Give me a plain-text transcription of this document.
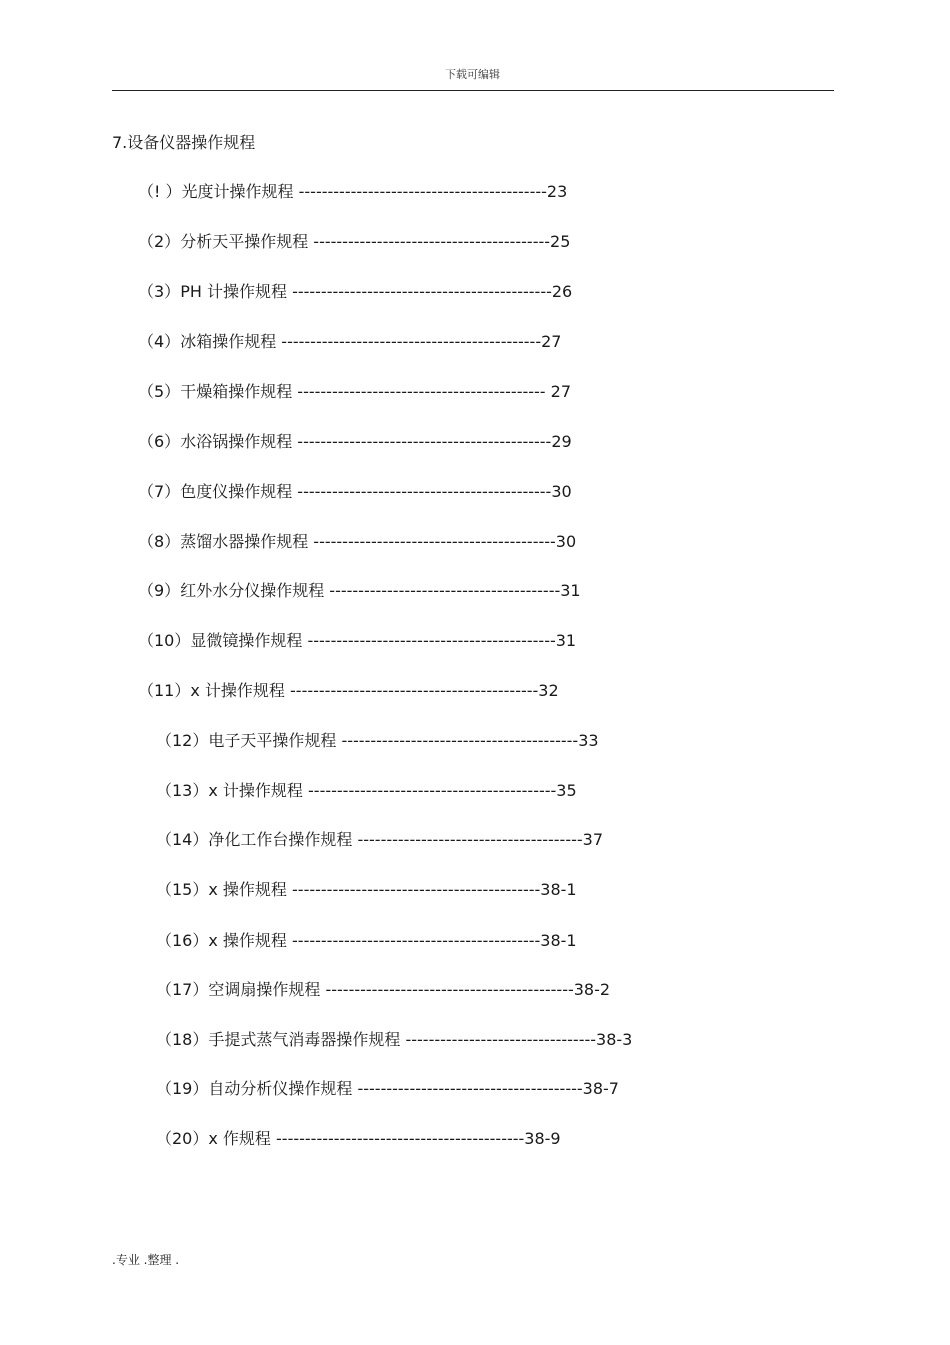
下载可编辑
7.设备仪器操作规程
（! ）光度计操作规程 -------------------------------------------23
（2）分析天平操作规程 -----------------------------------------25
（3）PH 计操作规程 ---------------------------------------------26
（4）冰箱操作规程 ---------------------------------------------27
（5）干燥箱操作规程 ------------------------------------------- 27
（6）水浴锅操作规程 --------------------------------------------29
（7）色度仪操作规程 --------------------------------------------30
（8）蒸馏水器操作规程 ------------------------------------------30
（9）红外水分仪操作规程 ----------------------------------------31
（10）显微镜操作规程 -------------------------------------------31
（11）x 计操作规程 -------------------------------------------32
（12）电子天平操作规程 -----------------------------------------33
（13）x 计操作规程 -------------------------------------------35
（14）净化工作台操作规程 ---------------------------------------37
（15）x 操作规程 -------------------------------------------38-1
（16）x 操作规程 -------------------------------------------38-1
（17）空调扇操作规程 -------------------------------------------38-2
（18）手提式蒸气消毒器操作规程 ---------------------------------38-3
（19）自动分析仪操作规程 ---------------------------------------38-7
（20）x 作规程 -------------------------------------------38-9
.专业 .整理 .
